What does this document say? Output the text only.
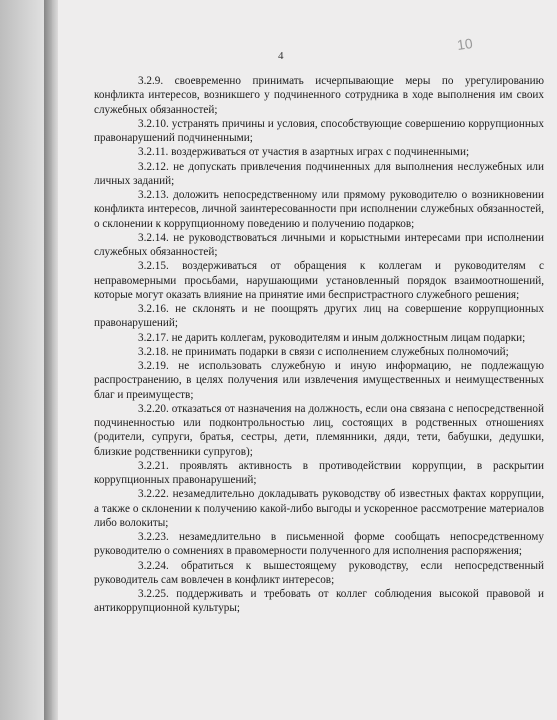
10
4

3.2.9. своевременно принимать исчерпывающие меры по урегулированию конфликта интересов, возникшего у подчиненного сотрудника в ходе выполнения им своих служебных обязанностей;

3.2.10. устранять причины и условия, способствующие совершению коррупционных правонарушений подчиненными;

3.2.11. воздерживаться от участия в азартных играх с подчиненными;

3.2.12. не допускать привлечения подчиненных для выполнения неслужебных или личных заданий;

3.2.13. доложить непосредственному или прямому руководителю о возникновении конфликта интересов, личной заинтересованности при исполнении служебных обязанностей, о склонении к коррупционному поведению и получению подарков;

3.2.14. не руководствоваться личными и корыстными интересами при исполнении служебных обязанностей;

3.2.15. воздерживаться от обращения к коллегам и руководителям с неправомерными просьбами, нарушающими установленный порядок взаимоотношений, которые могут оказать влияние на принятие ими беспристрастного служебного решения;

3.2.16. не склонять и не поощрять других лиц на совершение коррупционных правонарушений;

3.2.17. не дарить коллегам, руководителям и иным должностным лицам подарки;

3.2.18. не принимать подарки в связи с исполнением служебных полномочий;

3.2.19. не использовать служебную и иную информацию, не подлежащую распространению, в целях получения или извлечения имущественных и неимущественных благ и преимуществ;

3.2.20. отказаться от назначения на должность, если она связана с непосредственной подчиненностью или подконтрольностью лиц, состоящих в родственных отношениях (родители, супруги, братья, сестры, дети, племянники, дяди, тети, бабушки, дедушки, близкие родственники супругов);

3.2.21. проявлять активность в противодействии коррупции, в раскрытии коррупционных правонарушений;

3.2.22. незамедлительно докладывать руководству об известных фактах коррупции, а также о склонении к получению какой-либо выгоды и ускоренное рассмотрение материалов либо волокиты;

3.2.23. незамедлительно в письменной форме сообщать непосредственному руководителю о сомнениях в правомерности полученного для исполнения распоряжения;

3.2.24. обратиться к вышестоящему руководству, если непосредственный руководитель сам вовлечен в конфликт интересов;

3.2.25. поддерживать и требовать от коллег соблюдения высокой правовой и антикоррупционной культуры;
